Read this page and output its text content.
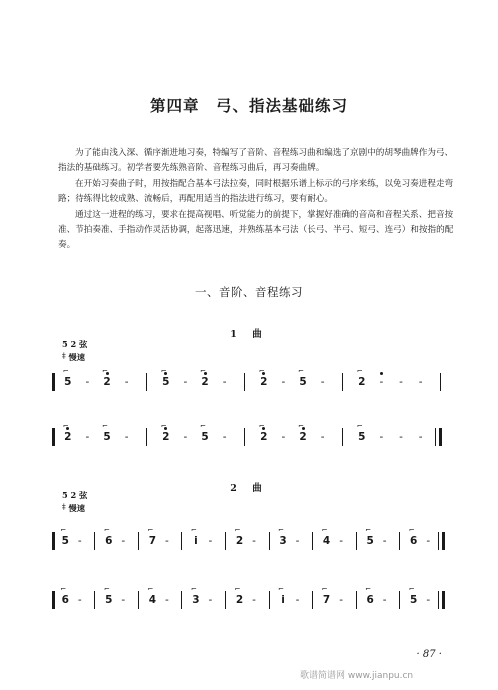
第四章　弓、指法基础练习

为了能由浅入深、循序渐进地习奏，特编写了音阶、音程练习曲和编选了京剧中的胡琴曲牌作为弓、指法的基础练习。初学者要先练熟音阶、音程练习曲后，再习奏曲牌。

在开始习奏曲子时，用按指配合基本弓法拉奏，同时根据乐谱上标示的弓序来练，以免习奏进程走弯路；待练得比较成熟、流畅后，再配用适当的指法进行练习，要有耐心。

通过这一进程的练习，要求在提高视唱、听觉能力的前提下，掌握好准确的音高和音程关系、把音按准、节拍奏准、手指动作灵活协调，起落迅速，并熟练基本弓法（长弓、半弓、短弓、连弓）和按指的配奏。

一、音阶、音程练习
1 曲
5 2 弦
‡ 慢速
5
⌐
-	2
⌐
-	5
⌐
-	2
⌐
-	2
⌐
-	5
⌐
-	2
⌐
-	-	-
2
⌐
-	5
⌐
-	2
⌐
-	5
⌐
-	2
⌐
-	2
⌐
-	5
⌐
-	-	-
2 曲
5 2 弦
‡ 慢速
5
⌐
-	6
⌐
-	7
⌐
-	i
⌐
-	2
⌐
-	3
⌐
-	4
⌐
-	5
⌐
-	6
⌐
-
6
⌐
-	5
⌐
-	4
⌐
-	3
⌐
-	2
⌐
-	i
⌐
-	7
⌐
-	6
⌐
-	5
⌐
-
· 87 ·
歌谱简谱网 www.jianpu.cn
